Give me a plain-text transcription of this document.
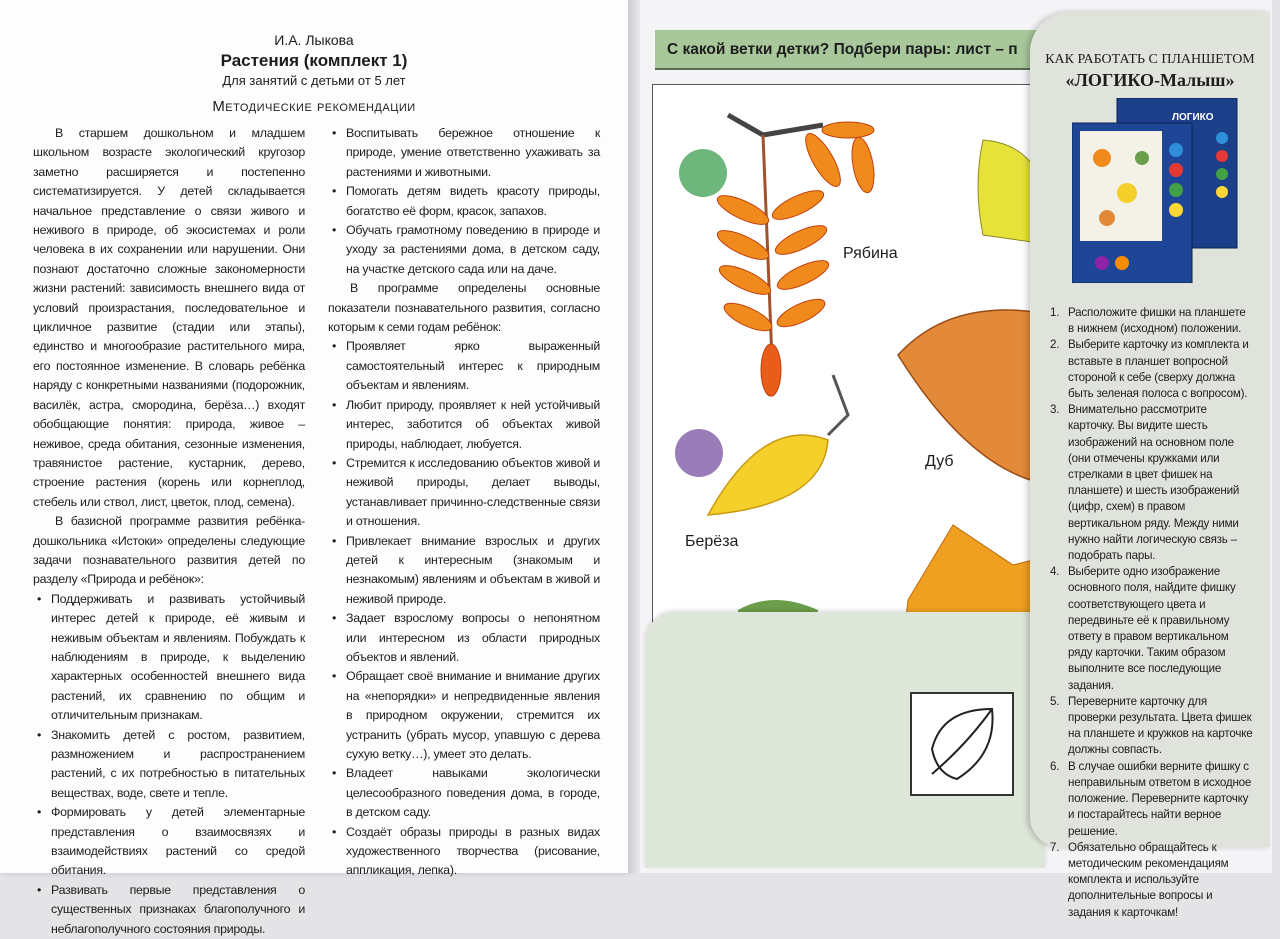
И.А. Лыкова
Растения (комплект 1)
Для занятий с детьми от 5 лет
Методические рекомендации

В старшем дошкольном и младшем школьном возрасте экологический кругозор заметно расширяется и постепенно систематизируется. У детей складывается начальное представление о связи живого и неживого в природе, об экосистемах и роли человека в их сохранении или нарушении. Они познают достаточно сложные закономерности жизни растений: зависимость внешнего вида от условий произрастания, последовательное и цикличное развитие (стадии или этапы), единство и многообразие растительного мира, его постоянное изменение. В словарь ребёнка наряду с конкретными названиями (подорожник, василёк, астра, смородина, берёза…) входят обобщающие понятия: природа, живое – неживое, среда обитания, сезонные изменения, травянистое растение, кустарник, дерево, строение растения (корень или корнеплод, стебель или ствол, лист, цветок, плод, семена).

В базисной программе развития ребёнка-дошкольника «Истоки» определены следующие задачи познавательного развития детей по разделу «Природа и ребёнок»:

• Поддерживать и развивать устойчивый интерес детей к природе, её живым и неживым объектам и явлениям. Побуждать к наблюдениям в природе, к выделению характерных особенностей внешнего вида растений, их сравнению по общим и отличительным признакам.
• Знакомить детей с ростом, развитием, размножением и распространением растений, с их потребностью в питательных веществах, воде, свете и тепле.
• Формировать у детей элементарные представления о взаимосвязях и взаимодействиях растений со средой обитания.
• Развивать первые представления о существенных признаках благополучного и неблагополучного состояния природы.
• Воспитывать бережное отношение к природе, умение ответственно ухаживать за растениями и животными.
• Помогать детям видеть красоту природы, богатство её форм, красок, запахов.
• Обучать грамотному поведению в природе и уходу за растениями дома, в детском саду, на участке детского сада или на даче.

В программе определены основные показатели познавательного развития, согласно которым к семи годам ребёнок:

• Проявляет ярко выраженный самостоятельный интерес к природным объектам и явлениям.
• Любит природу, проявляет к ней устойчивый интерес, заботится об объектах живой природы, наблюдает, любуется.
• Стремится к исследованию объектов живой и неживой природы, делает выводы, устанавливает причинно-следственные связи и отношения.
• Привлекает внимание взрослых и других детей к интересным (знакомым и незнакомым) явлениям и объектам в живой и неживой природе.
• Задает взрослому вопросы о непонятном или интересном из области природных объектов и явлений.
• Обращает своё внимание и внимание других на «непорядки» и непредвиденные явления в природном окружении, стремится их устранить (убрать мусор, упавшую с дерева сухую ветку…), умеет это делать.
• Владеет навыками экологически целесообразного поведения дома, в городе, в детском саду.
• Создаёт образы природы в разных видах художественного творчества (рисование, аппликация, лепка).
С какой ветки детки? Подбери пары: лист – п
Рябина
Берёза
Дуб
КАК РАБОТАТЬ С ПЛАНШЕТОМ
«ЛОГИКО-Малыш»
ЛОГИКО
1. Расположите фишки на планшете в нижнем (исходном) положении.
2. Выберите карточку из комплекта и вставьте в планшет вопросной стороной к себе (сверху должна быть зеленая полоса с вопросом).
3. Внимательно рассмотрите карточку. Вы видите шесть изображений на основном поле (они отмечены кружками или стрелками в цвет фишек на планшете) и шесть изображений (цифр, схем) в правом вертикальном ряду. Между ними нужно найти логическую связь – подобрать пары.
4. Выберите одно изображение основного поля, найдите фишку соответствующего цвета и передвиньте её к правильному ответу в правом вертикальном ряду карточки. Таким образом выполните все последующие задания.
5. Переверните карточку для проверки результата. Цвета фишек на планшете и кружков на карточке должны совпасть.
6. В случае ошибки верните фишку с неправильным ответом в исходное положение. Переверните карточку и постарайтесь найти верное решение.
7. Обязательно обращайтесь к методическим рекомендациям комплекта и используйте дополнительные вопросы и задания к карточкам!
